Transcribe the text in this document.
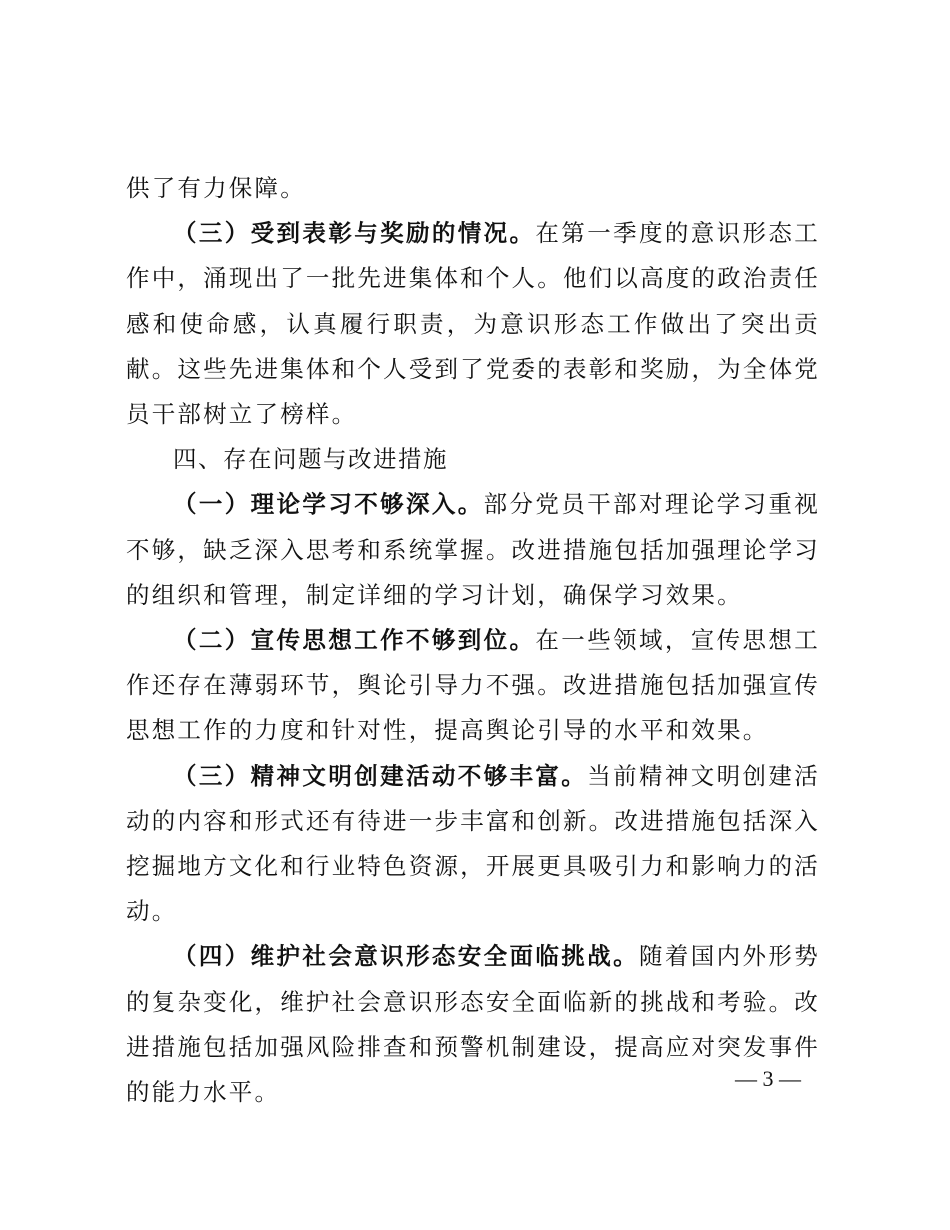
供了有力保障。

（三）受到表彰与奖励的情况。在第一季度的意识形态工作中，涌现出了一批先进集体和个人。他们以高度的政治责任感和使命感，认真履行职责，为意识形态工作做出了突出贡献。这些先进集体和个人受到了党委的表彰和奖励，为全体党员干部树立了榜样。

四、存在问题与改进措施

（一）理论学习不够深入。部分党员干部对理论学习重视不够，缺乏深入思考和系统掌握。改进措施包括加强理论学习的组织和管理，制定详细的学习计划，确保学习效果。

（二）宣传思想工作不够到位。在一些领域，宣传思想工作还存在薄弱环节，舆论引导力不强。改进措施包括加强宣传思想工作的力度和针对性，提高舆论引导的水平和效果。

（三）精神文明创建活动不够丰富。当前精神文明创建活动的内容和形式还有待进一步丰富和创新。改进措施包括深入挖掘地方文化和行业特色资源，开展更具吸引力和影响力的活动。

（四）维护社会意识形态安全面临挑战。随着国内外形势的复杂变化，维护社会意识形态安全面临新的挑战和考验。改进措施包括加强风险排查和预警机制建设，提高应对突发事件的能力水平。	— 3 —
